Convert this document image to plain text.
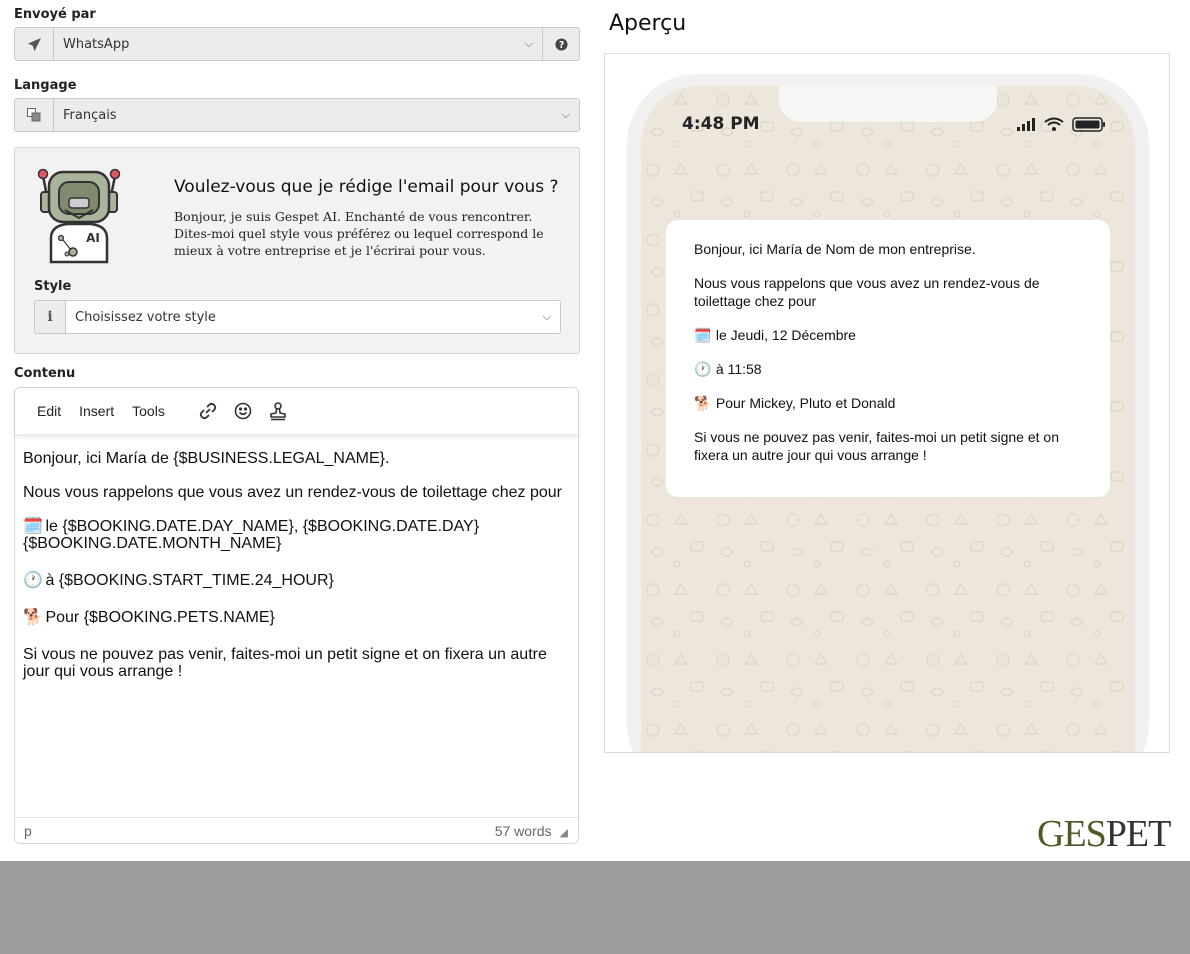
Envoyé par
WhatsApp	⌵	?
Langage
Français	⌵
AI
Voulez-vous que je rédige l'email pour vous ?
Bonjour, je suis Gespet AI. Enchanté de vous rencontrer. Dites-moi quel style vous préférez ou lequel correspond le mieux à votre entreprise et je l'écrirai pour vous.
Style
i	Choisissez votre style	⌵
Contenu
Edit	Insert	Tools

Bonjour, ici María de {$BUSINESS.LEGAL_NAME}.

Nous vous rappelons que vous avez un rendez-vous de toilettage chez pour

🗓️ le {$BOOKING.DATE.DAY_NAME}, {$BOOKING.DATE.DAY} {$BOOKING.DATE.MONTH_NAME}

🕐 à {$BOOKING.START_TIME.24_HOUR}

🐕 Pour {$BOOKING.PETS.NAME}

Si vous ne pouvez pas venir, faites-moi un petit signe et on fixera un autre jour qui vous arrange !

p	57 words ◢
Aperçu
4:48 PM

Bonjour, ici María de Nom de mon entreprise.

Nous vous rappelons que vous avez un rendez-vous de toilettage chez pour

🗓️ le Jeudi, 12 Décembre

🕐 à 11:58

🐕 Pour Mickey, Pluto et Donald

Si vous ne pouvez pas venir, faites-moi un petit signe et on fixera un autre jour qui vous arrange !

GESPET
